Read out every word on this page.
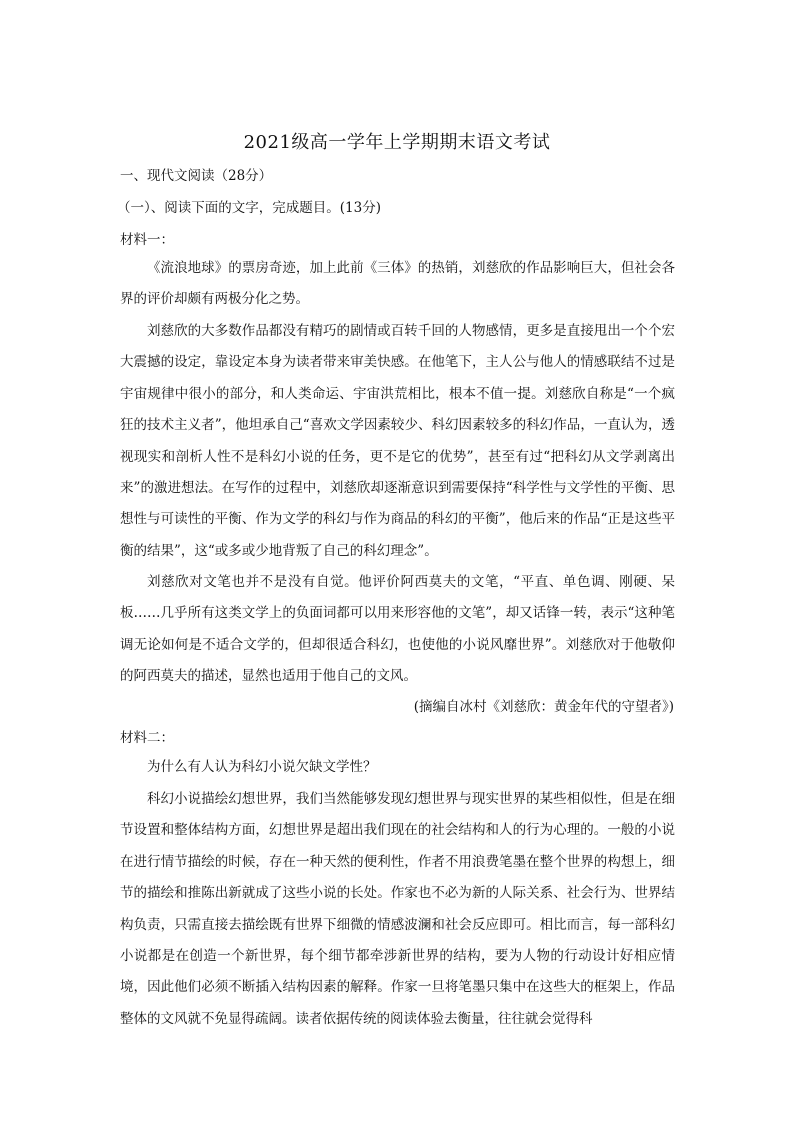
2021级高一学年上学期期末语文考试
一、现代文阅读（28分）
（一）、阅读下面的文字，完成题目。(13分)
材料一：
《流浪地球》的票房奇迹，加上此前《三体》的热销，刘慈欣的作品影响巨大，但社会各界的评价却颇有两极分化之势。
刘慈欣的大多数作品都没有精巧的剧情或百转千回的人物感情，更多是直接甩出一个个宏大震撼的设定，靠设定本身为读者带来审美快感。在他笔下，主人公与他人的情感联结不过是宇宙规律中很小的部分，和人类命运、宇宙洪荒相比，根本不值一提。刘慈欣自称是“一个疯狂的技术主义者”，他坦承自己“喜欢文学因素较少、科幻因素较多的科幻作品，一直认为，透视现实和剖析人性不是科幻小说的任务，更不是它的优势”，甚至有过“把科幻从文学剥离出来”的激进想法。在写作的过程中，刘慈欣却逐渐意识到需要保持“科学性与文学性的平衡、思想性与可读性的平衡、作为文学的科幻与作为商品的科幻的平衡”，他后来的作品“正是这些平衡的结果”，这“或多或少地背叛了自己的科幻理念”。
刘慈欣对文笔也并不是没有自觉。他评价阿西莫夫的文笔，“平直、单色调、刚硬、呆板……几乎所有这类文学上的负面词都可以用来形容他的文笔”，却又话锋一转，表示“这种笔调无论如何是不适合文学的，但却很适合科幻，也使他的小说风靡世界”。刘慈欣对于他敬仰的阿西莫夫的描述，显然也适用于他自己的文风。
(摘编自冰村《刘慈欣：黄金年代的守望者》)
材料二：
为什么有人认为科幻小说欠缺文学性？
科幻小说描绘幻想世界，我们当然能够发现幻想世界与现实世界的某些相似性，但是在细节设置和整体结构方面，幻想世界是超出我们现在的社会结构和人的行为心理的。一般的小说在进行情节描绘的时候，存在一种天然的便利性，作者不用浪费笔墨在整个世界的构想上，细节的描绘和推陈出新就成了这些小说的长处。作家也不必为新的人际关系、社会行为、世界结构负责，只需直接去描绘既有世界下细微的情感波澜和社会反应即可。相比而言，每一部科幻小说都是在创造一个新世界，每个细节都牵涉新世界的结构，要为人物的行动设计好相应情境，因此他们必须不断插入结构因素的解释。作家一旦将笔墨只集中在这些大的框架上，作品整体的文风就不免显得疏阔。读者依据传统的阅读体验去衡量，往往就会觉得科
